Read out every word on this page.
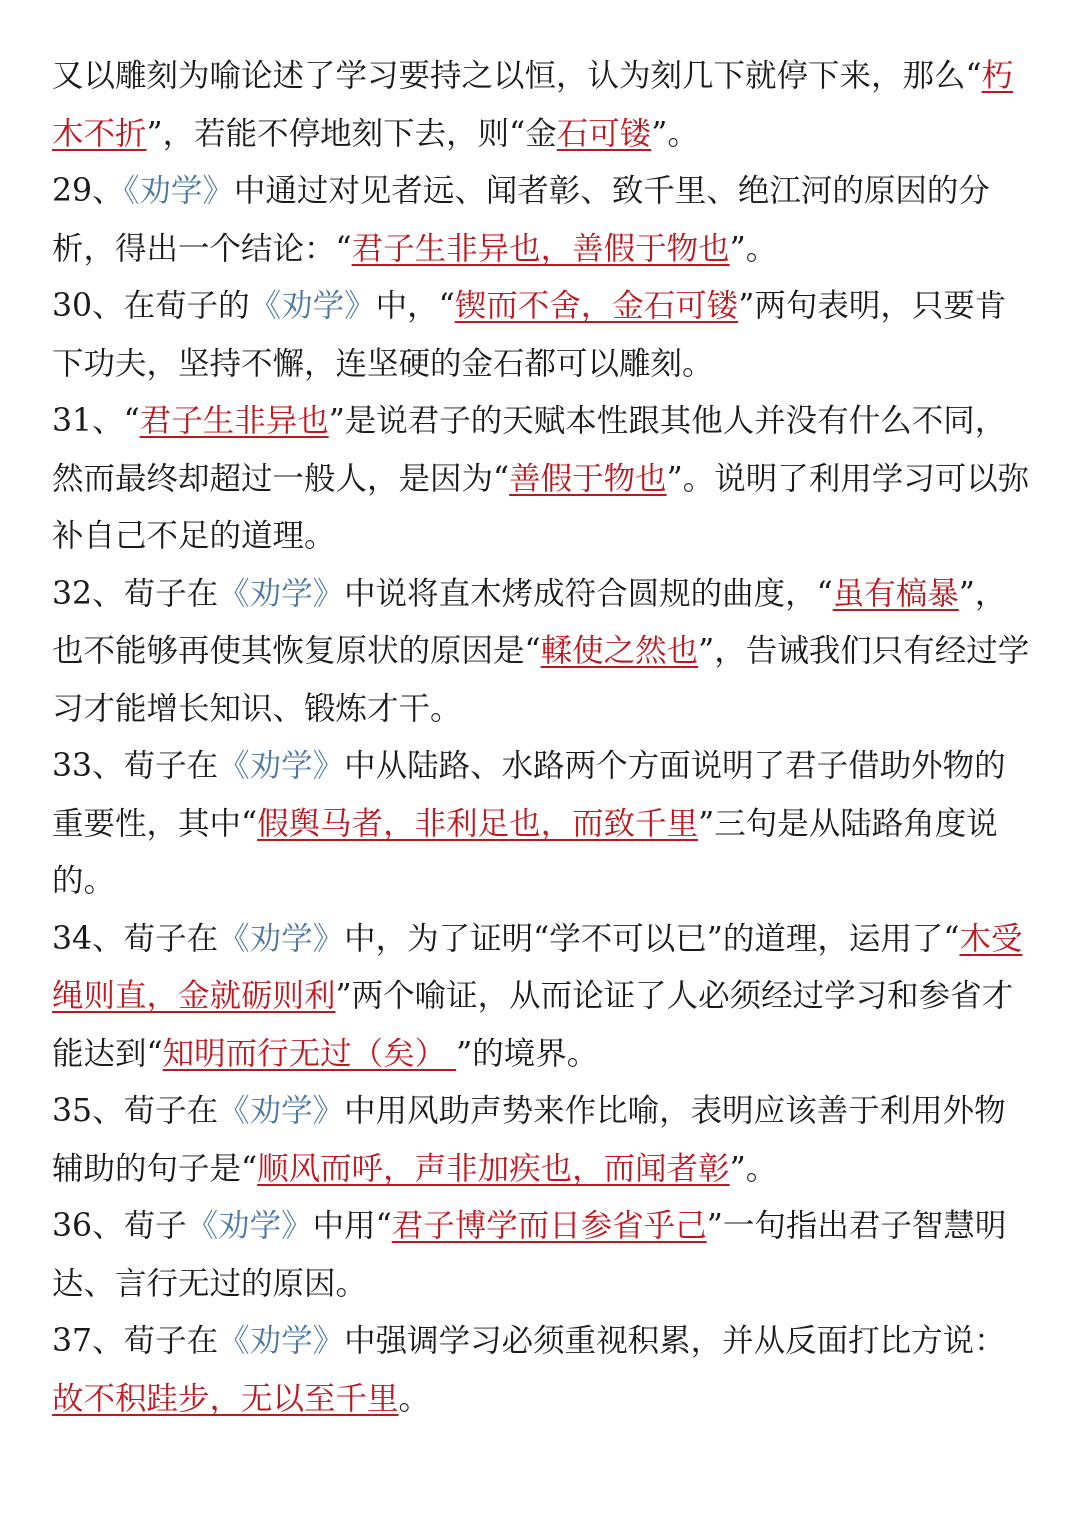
又以雕刻为喻论述了学习要持之以恒，认为刻几下就停下来，那么“朽木不折”，若能不停地刻下去，则“金石可镂”。

29、《劝学》中通过对见者远、闻者彰、致千里、绝江河的原因的分析，得出一个结论：“君子生非异也，善假于物也”。

30、在荀子的《劝学》中，“锲而不舍，金石可镂”两句表明，只要肯下功夫，坚持不懈，连坚硬的金石都可以雕刻。

31、“君子生非异也”是说君子的天赋本性跟其他人并没有什么不同，然而最终却超过一般人，是因为“善假于物也”。说明了利用学习可以弥补自己不足的道理。

32、荀子在《劝学》中说将直木烤成符合圆规的曲度，“虽有槁暴”，也不能够再使其恢复原状的原因是“輮使之然也”，告诫我们只有经过学习才能增长知识、锻炼才干。

33、荀子在《劝学》中从陆路、水路两个方面说明了君子借助外物的重要性，其中“假舆马者，非利足也，而致千里”三句是从陆路角度说的。

34、荀子在《劝学》中，为了证明“学不可以已”的道理，运用了“木受绳则直，金就砺则利”两个喻证，从而论证了人必须经过学习和参省才能达到“知明而行无过（矣） ”的境界。

35、荀子在《劝学》中用风助声势来作比喻，表明应该善于利用外物辅助的句子是“顺风而呼，声非加疾也，而闻者彰”。

36、荀子《劝学》中用“君子博学而日参省乎己”一句指出君子智慧明达、言行无过的原因。

37、荀子在《劝学》中强调学习必须重视积累，并从反面打比方说：故不积跬步，无以至千里。
